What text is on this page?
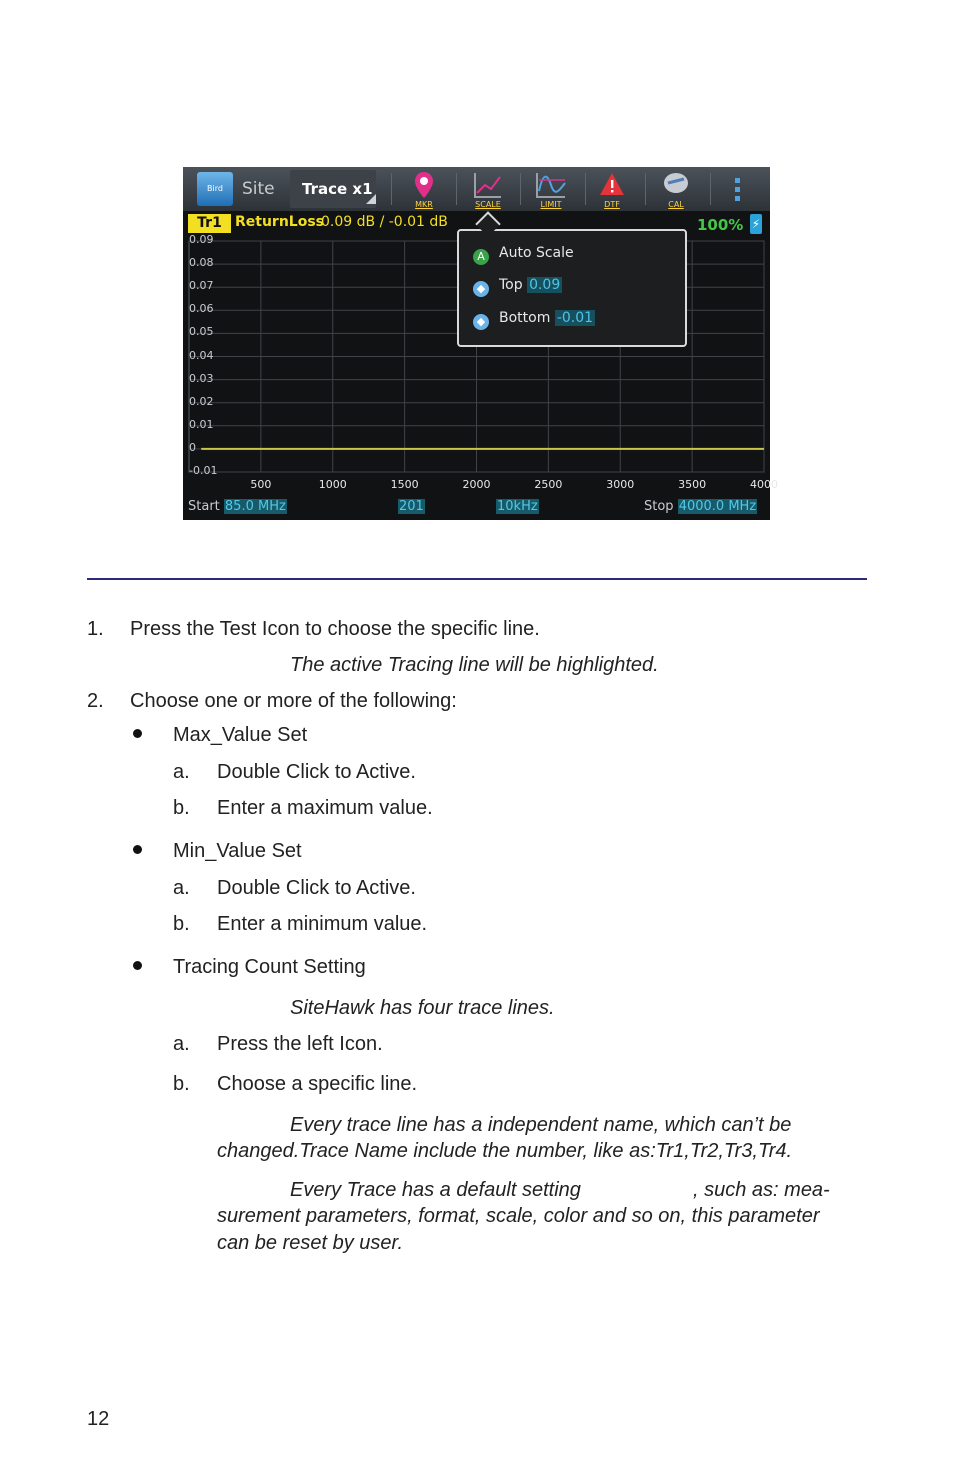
Bird	Site Trace x1
MKR	SCALE	LIMIT	DTF	CAL
Tr1 ReturnLoss
0.09 dB / -0.01 dB	100% ⚡
0.09
0.08
0.07
0.06
0.05
0.04
0.03
0.02
0.01
0
-0.01
500	1000	1500	2000	2500	3000	3500	4000
Start 85.0 MHz	201	10kHz	Stop 4000.0 MHz
A Auto Scale
◆ Top 0.09
◆ Bottom -0.01
1. Press the Test Icon to choose the specific line.
The active Tracing line will be highlighted.
2. Choose one or more of the following:
Max_Value Set
a. Double Click to Active.
b. Enter a maximum value.
Min_Value Set
a. Double Click to Active.
b. Enter a minimum value.
Tracing Count Setting
SiteHawk has four trace lines.
a. Press the left Icon.
b. Choose a specific line.
Every trace line has a independent name, which can’t be
changed.Trace Name include the number, like as:Tr1,Tr2,Tr3,Tr4.
Every Trace has a default setting	, such as: mea-
surement parameters, format, scale, color and so on, this parameter
can be reset by user.
12
